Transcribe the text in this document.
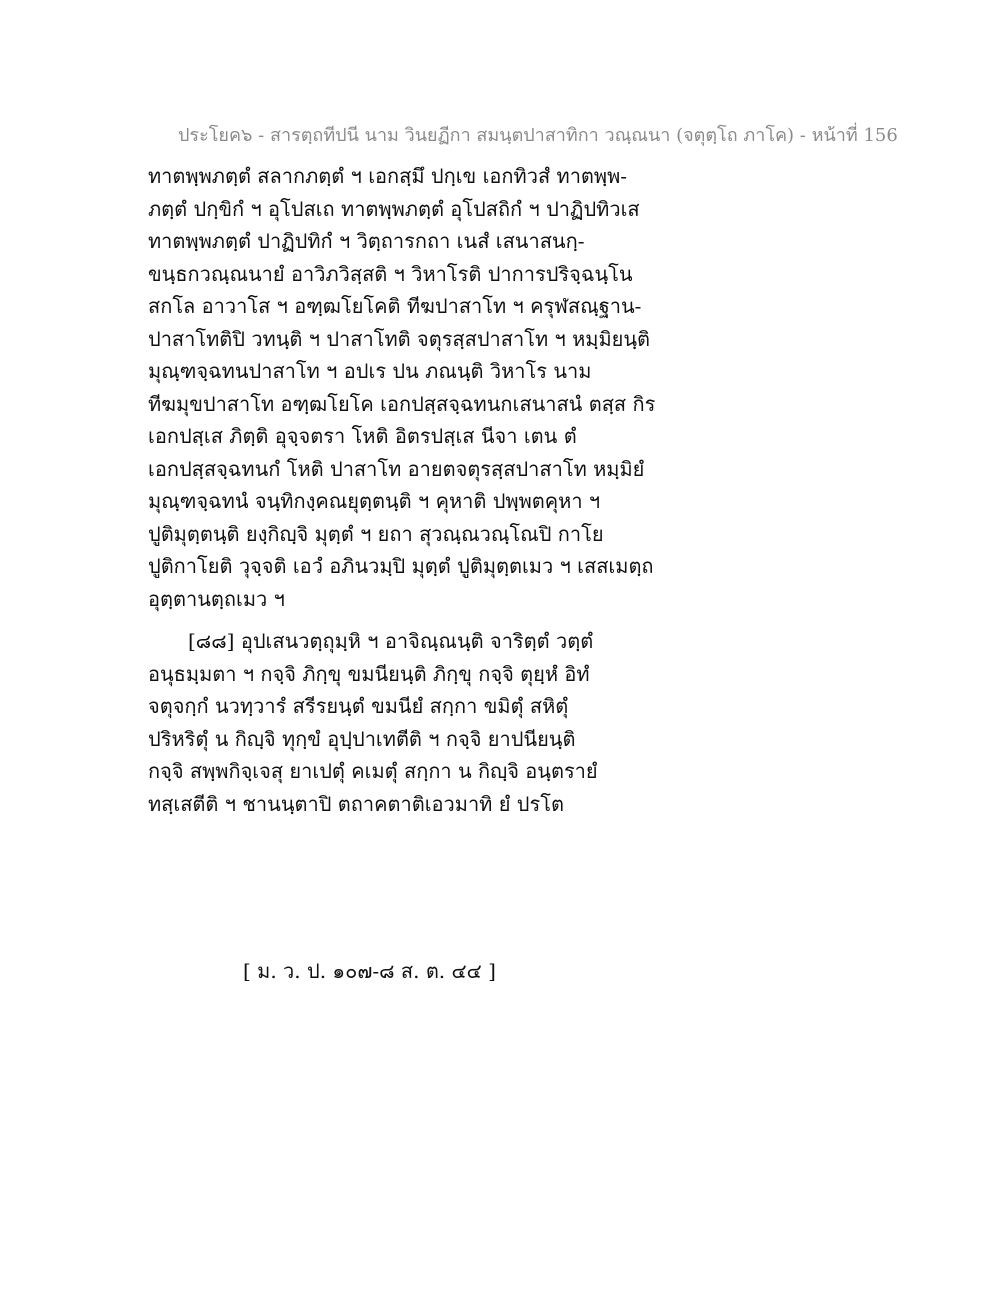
ประโยค๖ - สารตฺถทีปนี นาม วินยฏีกา สมนฺตปาสาทิกา วณฺณนา (จตุตฺโถ ภาโค) - หน้าที่ 156
ทาตพฺพภตฺตํ สลากภตฺตํ ฯ เอกสฺมึ ปกฺเข เอกทิวสํ ทาตพฺพ-
ภตฺตํ ปกฺขิกํ ฯ อุโปสเถ ทาตพฺพภตฺตํ อุโปสถิกํ ฯ ปาฏิปทิวเส
ทาตพฺพภตฺตํ ปาฏิปทิกํ ฯ วิตฺถารกถา เนสํ เสนาสนกฺ-
ขนฺธกวณฺณนายํ อาวิภวิสฺสติ ฯ วิหาโรติ ปาการปริจฺฉนฺโน
สกโล อาวาโส ฯ อฑฺฒโยโคติ ทีฆปาสาโท ฯ ครุฬสณฺฐาน-
ปาสาโทติปิ วทนฺติ ฯ ปาสาโทติ จตุรสฺสปาสาโท ฯ หมฺมิยนฺติ
มุณฺฑจฺฉทนปาสาโท ฯ อปเร ปน ภณนฺติ วิหาโร นาม
ทีฆมุขปาสาโท อฑฺฒโยโค เอกปสฺสจฺฉทนกเสนาสนํ ตสฺส กิร
เอกปสฺเส ภิตฺติ อุจฺจตรา โหติ อิตรปสฺเส นีจา เตน ตํ
เอกปสฺสจฺฉทนกํ โหติ ปาสาโท อายตจตุรสฺสปาสาโท หมฺมิยํ
มุณฺฑจฺฉทนํ จนฺทิกงฺคณยุตฺตนฺติ ฯ คุหาติ ปพฺพตคุหา ฯ
ปูติมุตฺตนฺติ ยงฺกิญฺจิ มุตฺตํ ฯ ยถา สุวณฺณวณฺโณปิ กาโย
ปูติกาโยติ วุจฺจติ เอวํ อภินวมฺปิ มุตฺตํ ปูติมุตฺตเมว ฯ เสสเมตฺถ
อุตฺตานตฺถเมว ฯ
[๘๘] อุปเสนวตฺถุมฺหิ ฯ อาจิณฺณนฺติ จาริตฺตํ วตฺตํ
อนุธมฺมตา ฯ กจฺจิ ภิกฺขุ ขมนียนฺติ ภิกฺขุ กจฺจิ ตุยฺหํ อิทํ
จตุจกฺกํ นวทฺวารํ สรีรยนฺตํ ขมนียํ สกฺกา ขมิตุํ สหิตุํ
ปริหริตุํ น กิญฺจิ ทุกฺขํ อุปฺปาเทตีติ ฯ กจฺจิ ยาปนียนฺติ
กจฺจิ สพฺพกิจฺเจสุ ยาเปตุํ คเมตุํ สกฺกา น กิญฺจิ อนฺตรายํ
ทสฺเสตีติ ฯ ชานนฺตาปิ ตถาคตาติเอวมาทิ ยํ ปรโต
[ ม. ว. ป. ๑๐๗-๘ ส. ต. ๔๔ ]
